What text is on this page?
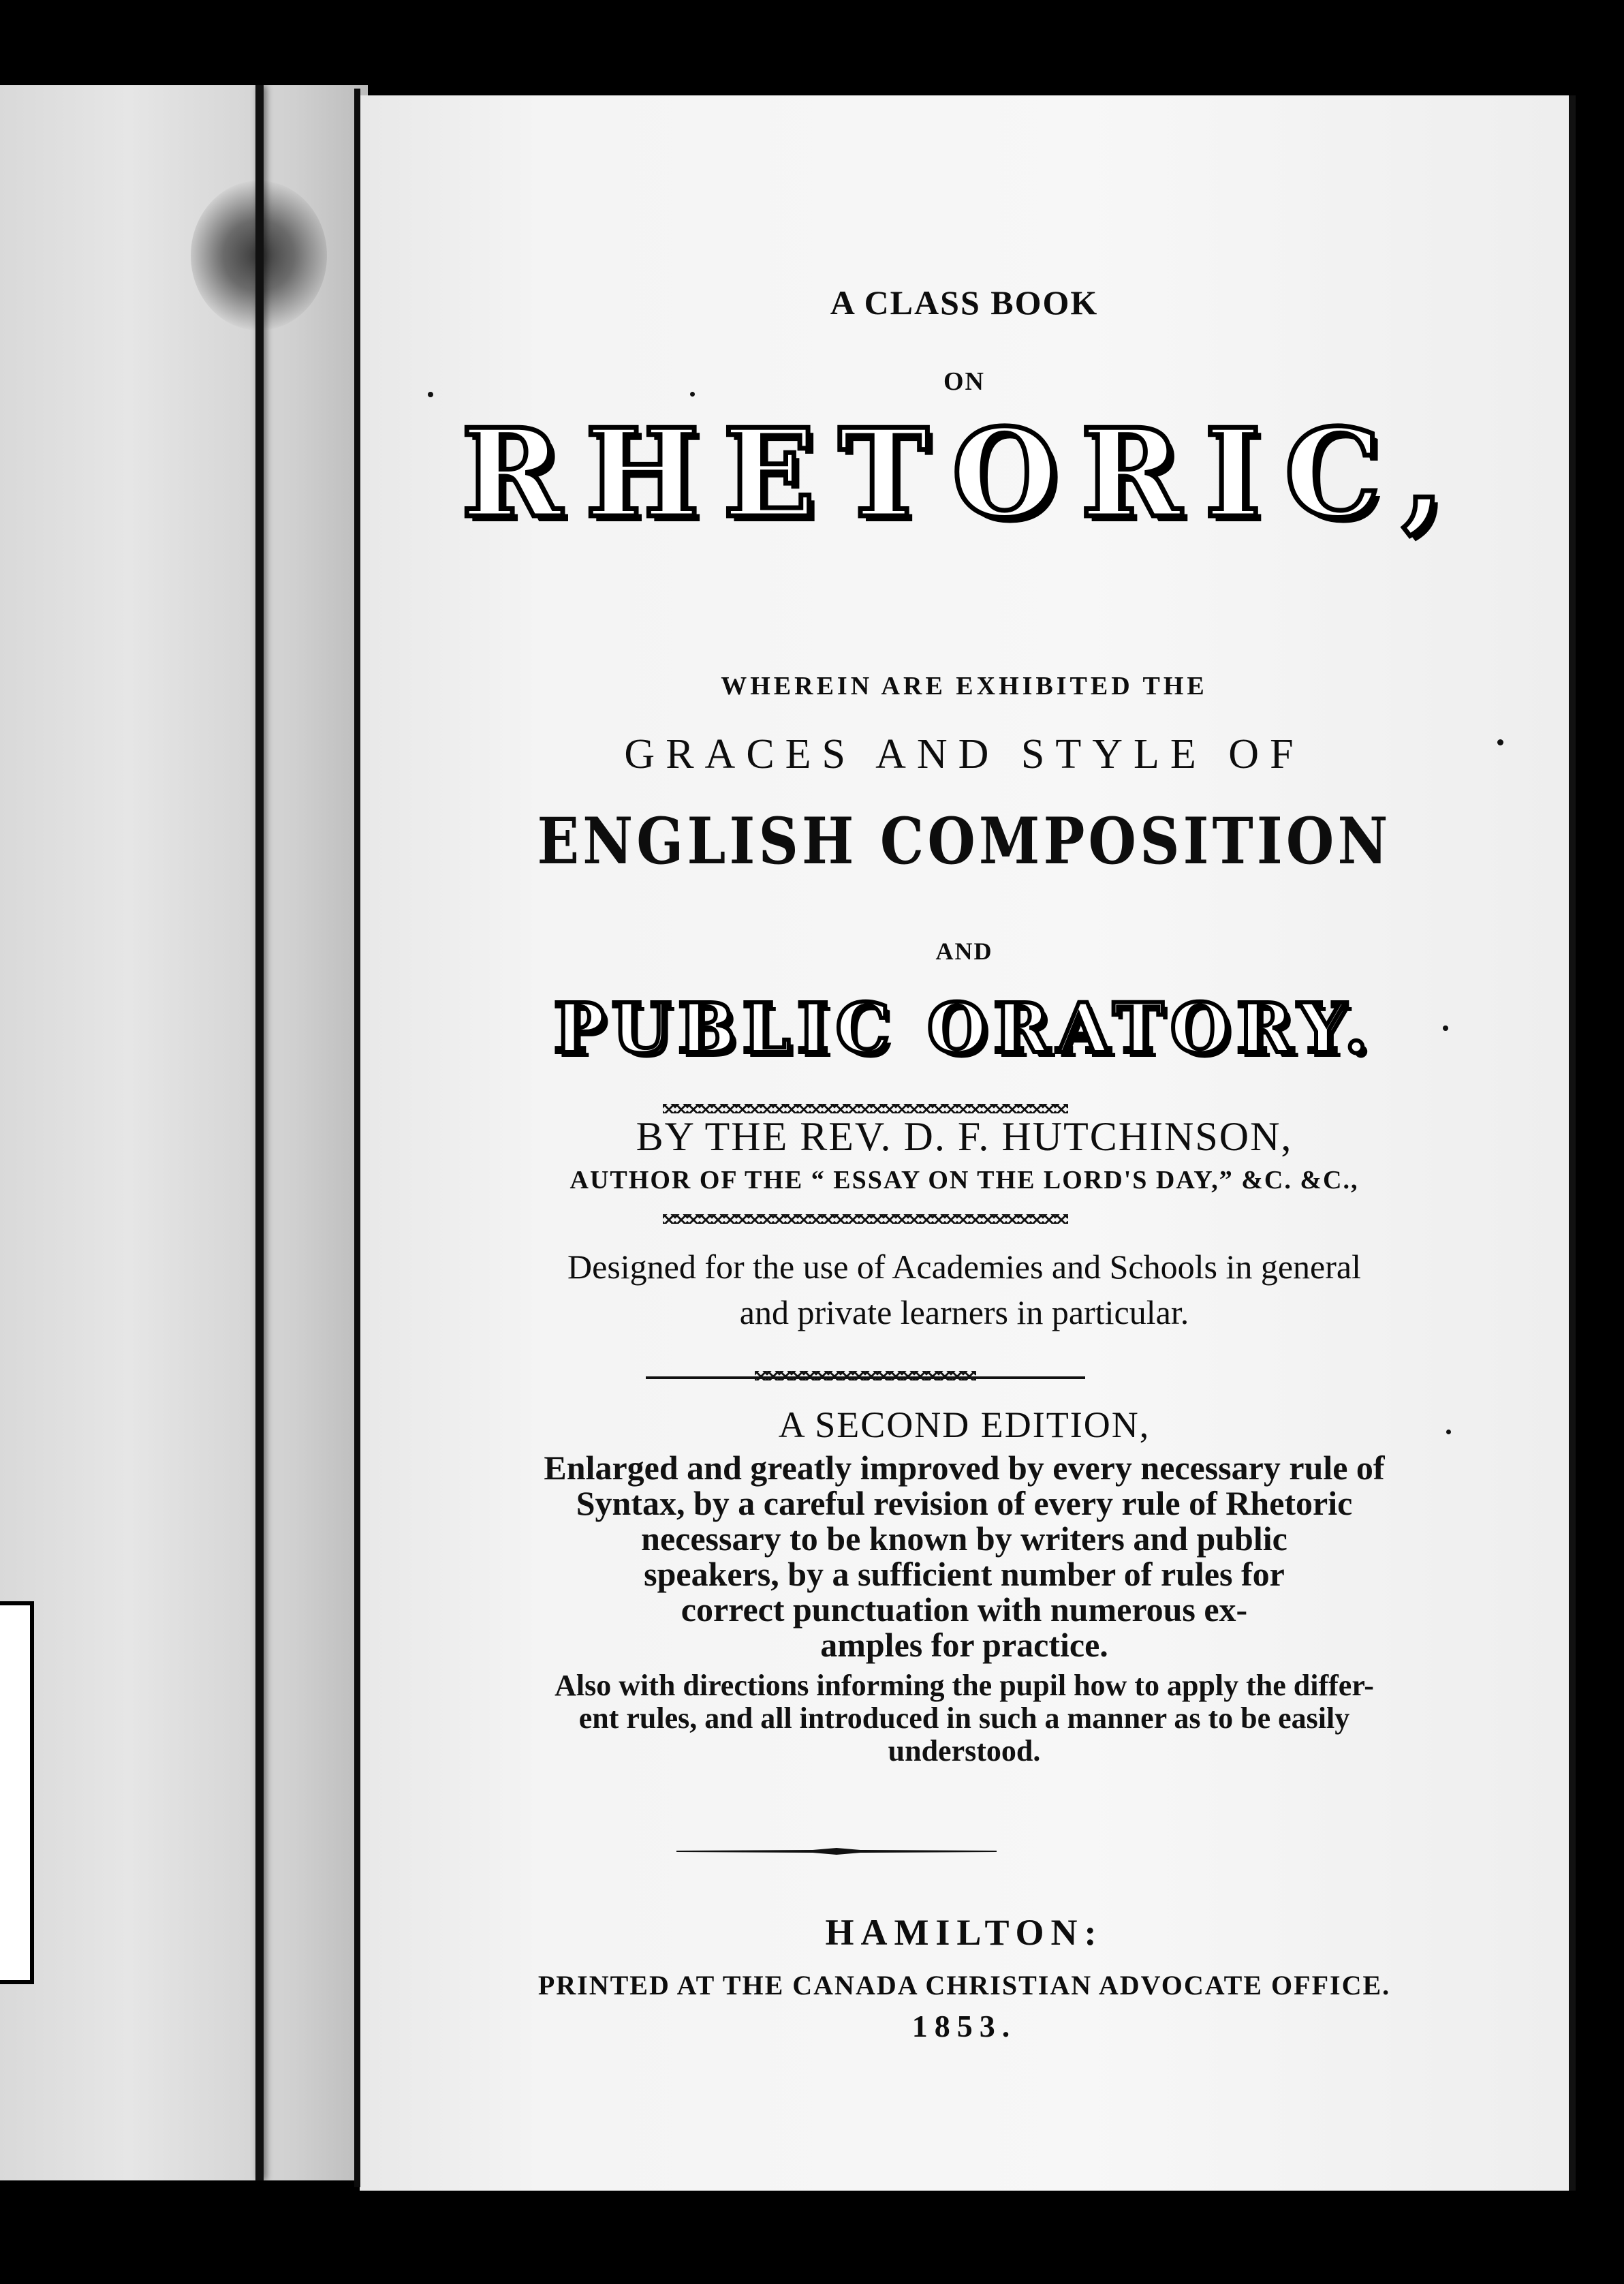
A CLASS BOOK
ON
RHETORIC,
WHEREIN ARE EXHIBITED THE
GRACES AND STYLE OF
ENGLISH COMPOSITION
AND
PUBLIC ORATORY.
BY THE REV. D. F. HUTCHINSON,
AUTHOR OF THE “ ESSAY ON THE LORD'S DAY,” &C. &C.,
Designed for the use of Academies and Schools in general
and private learners in particular.
A SECOND EDITION,
Enlarged and greatly improved by every necessary rule of
Syntax, by a careful revision of every rule of Rhetoric
necessary to be known by writers and public
speakers, by a sufficient number of rules for
correct punctuation with numerous ex-
amples for practice.
Also with directions informing the pupil how to apply the differ-
ent rules, and all introduced in such a manner as to be easily
understood.
HAMILTON:
PRINTED AT THE CANADA CHRISTIAN ADVOCATE OFFICE.
1853.
